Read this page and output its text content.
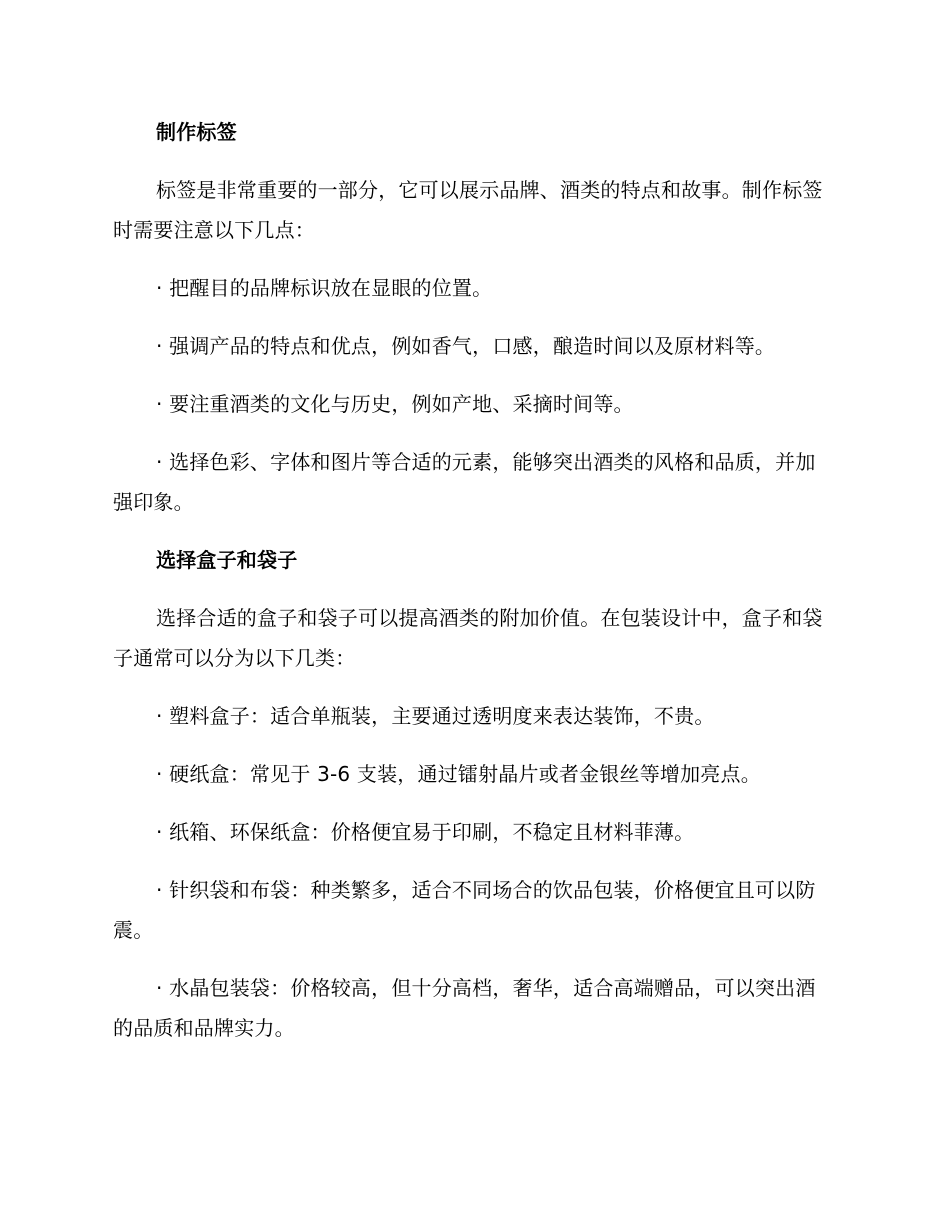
制作标签

标签是非常重要的一部分，它可以展示品牌、酒类的特点和故事。制作标签时需要注意以下几点：

· 把醒目的品牌标识放在显眼的位置。

· 强调产品的特点和优点，例如香气，口感，酿造时间以及原材料等。

· 要注重酒类的文化与历史，例如产地、采摘时间等。

· 选择色彩、字体和图片等合适的元素，能够突出酒类的风格和品质，并加强印象。

选择盒子和袋子

选择合适的盒子和袋子可以提高酒类的附加价值。在包装设计中，盒子和袋子通常可以分为以下几类：

· 塑料盒子：适合单瓶装，主要通过透明度来表达装饰，不贵。

· 硬纸盒：常见于 3-6 支装，通过镭射晶片或者金银丝等增加亮点。

· 纸箱、环保纸盒：价格便宜易于印刷，不稳定且材料菲薄。

· 针织袋和布袋：种类繁多，适合不同场合的饮品包装，价格便宜且可以防震。

· 水晶包装袋：价格较高，但十分高档，奢华，适合高端赠品，可以突出酒的品质和品牌实力。
